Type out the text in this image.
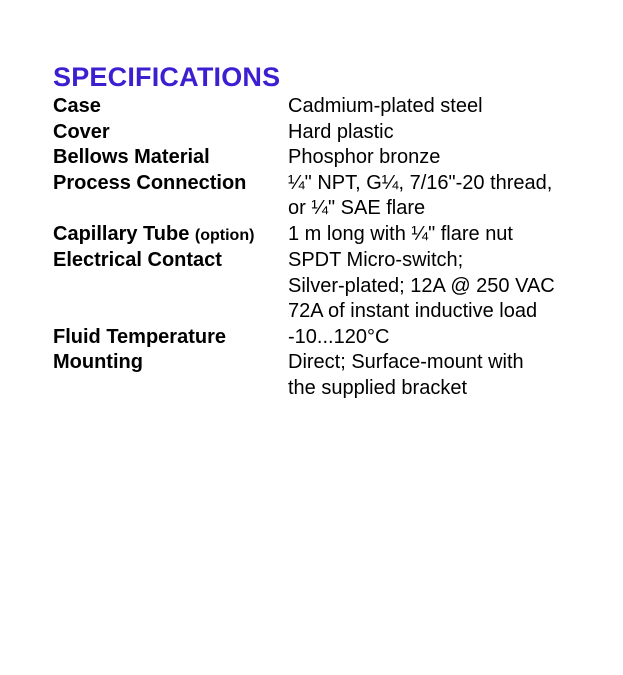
SPECIFICATIONS
Case	Cadmium-plated steel
Cover	Hard plastic
Bellows Material	Phosphor bronze
Process Connection	¼" NPT, G¼, 7/16"-20 thread,
or ¼" SAE flare
Capillary Tube (option)	1 m long with ¼" flare nut
Electrical Contact	SPDT Micro-switch;
Silver-plated; 12A @ 250 VAC
72A of instant inductive load
Fluid Temperature	-10...120°C
Mounting	Direct; Surface-mount with
the supplied bracket
